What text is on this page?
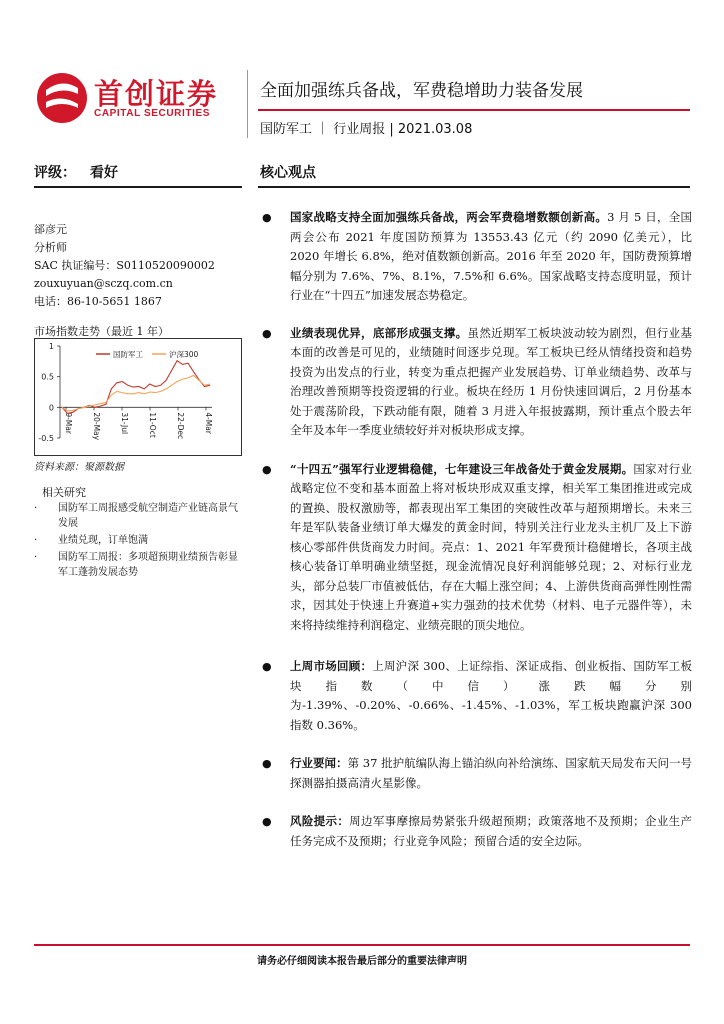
首创证券
CAPITAL SECURITIES
全面加强练兵备战，军费稳增助力装备发展
国防军工 ｜ 行业周报 | 2021.03.08
评级： 看好
郤彦元
分析师
SAC 执证编号：S0110520090002
zouxuyuan@sczq.com.cn
电话：86-10-5651 1867
市场指数走势（最近 1 年）
1
0.5
0
-0.5
9-Mar	20-May	31-Jul	11-Oct	22-Dec	4-Mar
国防军工	沪深300
资料来源：聚源数据
相关研究
· 国防军工周报感受航空制造产业链高景气发展
· 业绩兑现，订单饱满
· 国防军工周报：多项超预期业绩预告彰显军工蓬勃发展态势
核心观点
● 国家战略支持全面加强练兵备战，两会军费稳增数额创新高。3 月 5 日，全国两会公布 2021 年度国防预算为 13553.43 亿元（约 2090 亿美元），比 2020 年增长 6.8%，绝对值数额创新高。2016 年至 2020 年，国防费预算增幅分别为 7.6%、7%、8.1%，7.5%和 6.6%。国家战略支持态度明显，预计行业在“十四五”加速发展态势稳定。
● 业绩表现优异，底部形成强支撑。虽然近期军工板块波动较为剧烈，但行业基本面的改善是可见的，业绩随时间逐步兑现。军工板块已经从情绪投资和趋势投资为出发点的行业，转变为重点把握产业发展趋势、订单业绩趋势、改革与治理改善预期等投资逻辑的行业。板块在经历 1 月份快速回调后，2 月份基本处于震荡阶段，下跌动能有限，随着 3 月进入年报披露期，预计重点个股去年全年及本年一季度业绩较好并对板块形成支撑。
● “十四五”强军行业逻辑稳健，七年建设三年战备处于黄金发展期。国家对行业战略定位不变和基本面盈上将对板块形成双重支撑，相关军工集团推进或完成的置换、股权激励等，都表现出军工集团的突破性改革与超预期增长。未来三年是军队装备业绩订单大爆发的黄金时间，特别关注行业龙头主机厂及上下游核心零部件供货商发力时间。亮点：1、2021 年军费预计稳健增长，各项主战核心装备订单明确业绩坚挺，现金流情况良好利润能够兑现；2、对标行业龙头，部分总装厂市值被低估，存在大幅上涨空间；4、上游供货商高弹性刚性需求，因其处于快速上升赛道+实力强劲的技术优势（材料、电子元器件等），未来将持续维持利润稳定、业绩亮眼的顶尖地位。
● 上周市场回顾：上周沪深 300、上证综指、深证成指、创业板指、国防军工板块指数（中信）涨跌幅分别为-1.39%、-0.20%、-0.66%、-1.45%、-1.03%，军工板块跑赢沪深 300 指数 0.36%。
● 行业要闻：第 37 批护航编队海上锚泊纵向补给演练、国家航天局发布天问一号探测器拍摄高清火星影像。
● 风险提示：周边军事摩擦局势紧张升级超预期；政策落地不及预期；企业生产任务完成不及预期；行业竞争风险；预留合适的安全边际。
请务必仔细阅读本报告最后部分的重要法律声明
